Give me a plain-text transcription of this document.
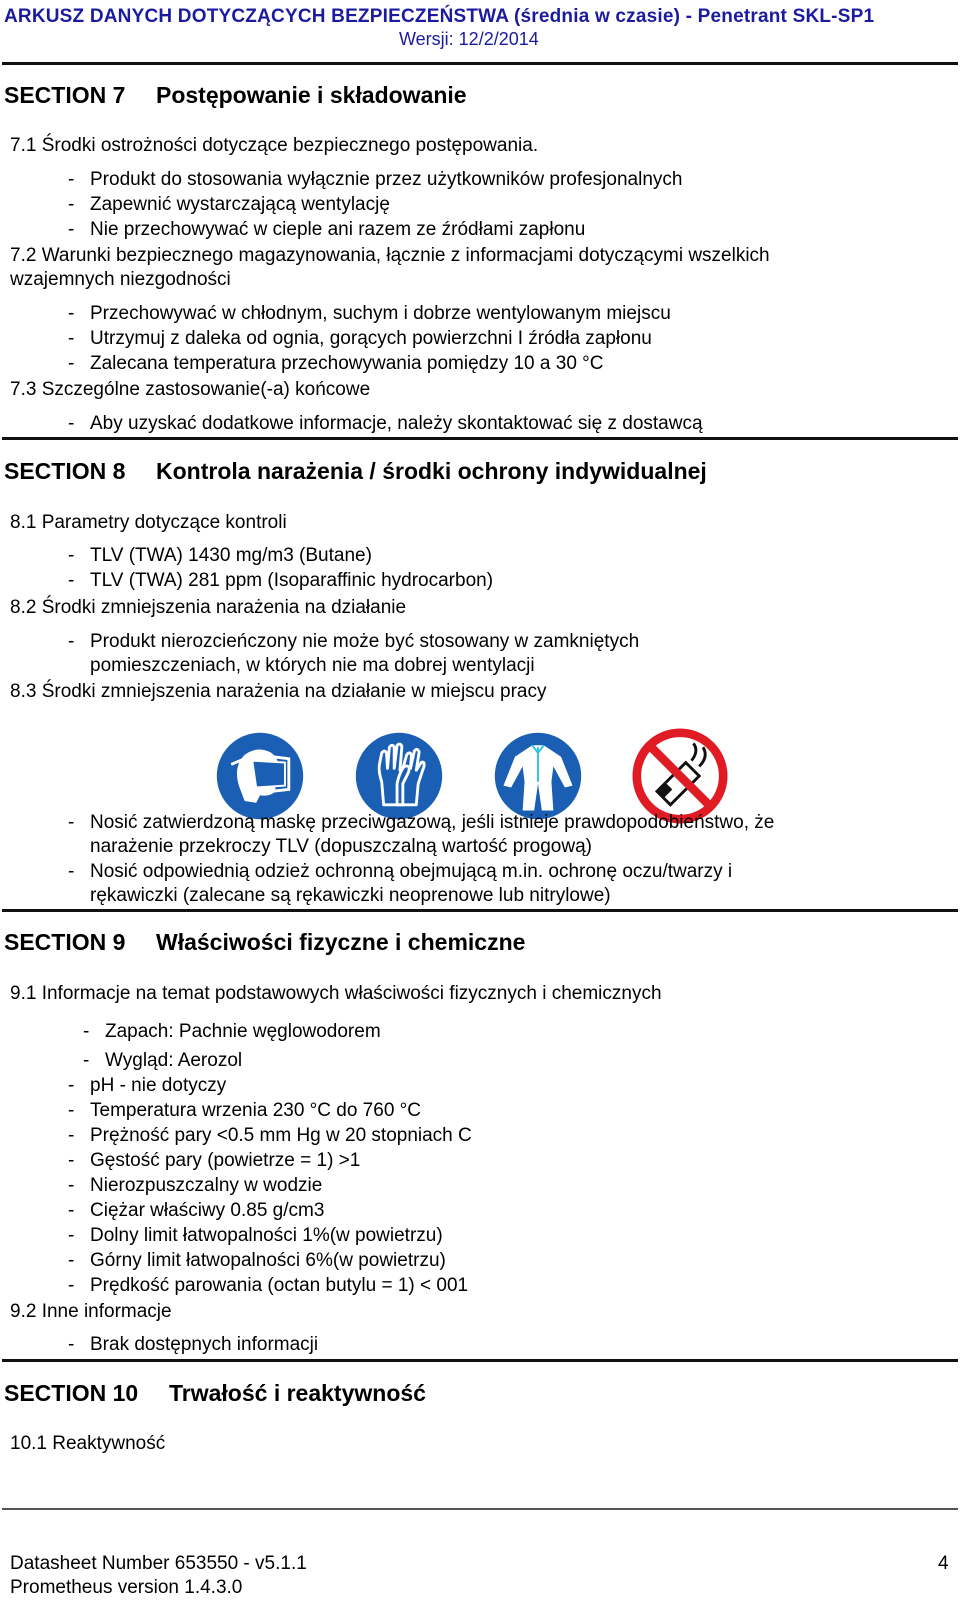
ARKUSZ DANYCH DOTYCZĄCYCH BEZPIECZEŃSTWA (średnia w czasie) - Penetrant SKL-SP1
Wersji: 12/2/2014
SECTION 7 Postępowanie i składowanie
7.1 Środki ostrożności dotyczące bezpiecznego postępowania.
- Produkt do stosowania wyłącznie przez użytkowników profesjonalnych
- Zapewnić wystarczającą wentylację
- Nie przechowywać w cieple ani razem ze źródłami zapłonu
7.2 Warunki bezpiecznego magazynowania, łącznie z informacjami dotyczącymi wszelkich
wzajemnych niezgodności
- Przechowywać w chłodnym, suchym i dobrze wentylowanym miejscu
- Utrzymuj z daleka od ognia, gorących powierzchni I źródła zapłonu
- Zalecana temperatura przechowywania pomiędzy 10 a 30 °C
7.3 Szczególne zastosowanie(-a) końcowe
- Aby uzyskać dodatkowe informacje, należy skontaktować się z dostawcą
SECTION 8 Kontrola narażenia / środki ochrony indywidualnej
8.1 Parametry dotyczące kontroli
- TLV (TWA) 1430 mg/m3 (Butane)
- TLV (TWA) 281 ppm (Isoparaffinic hydrocarbon)
8.2 Środki zmniejszenia narażenia na działanie
- Produkt nierozcieńczony nie może być stosowany w zamkniętych
pomieszczeniach, w których nie ma dobrej wentylacji
8.3 Środki zmniejszenia narażenia na działanie w miejscu pracy
- Nosić zatwierdzoną maskę przeciwgazową, jeśli istnieje prawdopodobieństwo, że
narażenie przekroczy TLV (dopuszczalną wartość progową)
- Nosić odpowiednią odzież ochronną obejmującą m.in. ochronę oczu/twarzy i
rękawiczki (zalecane są rękawiczki neoprenowe lub nitrylowe)
SECTION 9 Właściwości fizyczne i chemiczne
9.1 Informacje na temat podstawowych właściwości fizycznych i chemicznych
- Zapach: Pachnie węglowodorem
- Wygląd: Aerozol
- pH - nie dotyczy
- Temperatura wrzenia 230 °C do 760 °C
- Prężność pary <0.5 mm Hg w 20 stopniach C
- Gęstość pary (powietrze = 1) >1
- Nierozpuszczalny w wodzie
- Ciężar właściwy 0.85 g/cm3
- Dolny limit łatwopalności 1%(w powietrzu)
- Górny limit łatwopalności 6%(w powietrzu)
- Prędkość parowania (octan butylu = 1) < 001
9.2 Inne informacje
- Brak dostępnych informacji
SECTION 10 Trwałość i reaktywność
10.1 Reaktywność
Datasheet Number 653550 - v5.1.1
Prometheus version 1.4.3.0
4
